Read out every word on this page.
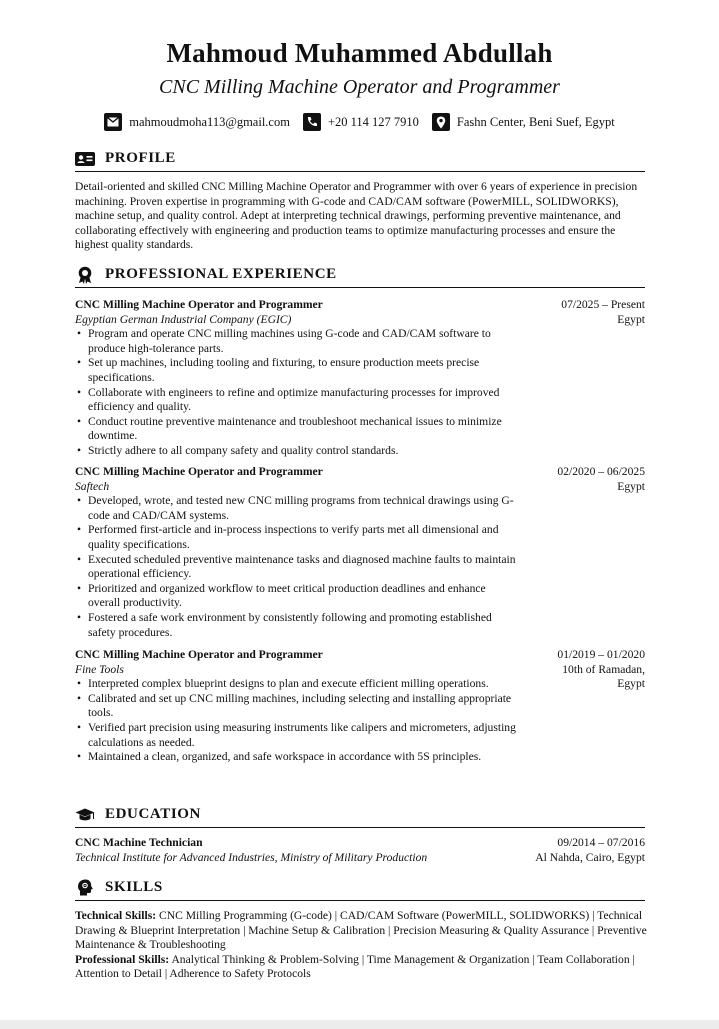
Mahmoud Muhammed Abdullah
CNC Milling Machine Operator and Programmer
mahmoudmoha113@gmail.com	+20 114 127 7910	Fashn Center, Beni Suef, Egypt
PROFILE
Detail-oriented and skilled CNC Milling Machine Operator and Programmer with over 6 years of experience in precision machining. Proven expertise in programming with G-code and CAD/CAM software (PowerMILL, SOLIDWORKS), machine setup, and quality control. Adept at interpreting technical drawings, performing preventive maintenance, and collaborating effectively with engineering and production teams to optimize manufacturing processes and ensure the highest quality standards.
PROFESSIONAL EXPERIENCE
CNC Milling Machine Operator and Programmer	07/2025 – Present
Egyptian German Industrial Company (EGIC)	Egypt
• Program and operate CNC milling machines using G-code and CAD/CAM software to produce high-tolerance parts.
• Set up machines, including tooling and fixturing, to ensure production meets precise specifications.
• Collaborate with engineers to refine and optimize manufacturing processes for improved efficiency and quality.
• Conduct routine preventive maintenance and troubleshoot mechanical issues to minimize downtime.
• Strictly adhere to all company safety and quality control standards.
CNC Milling Machine Operator and Programmer	02/2020 – 06/2025
Saftech	Egypt
• Developed, wrote, and tested new CNC milling programs from technical drawings using G-code and CAD/CAM systems.
• Performed first-article and in-process inspections to verify parts met all dimensional and quality specifications.
• Executed scheduled preventive maintenance tasks and diagnosed machine faults to maintain operational efficiency.
• Prioritized and organized workflow to meet critical production deadlines and enhance overall productivity.
• Fostered a safe work environment by consistently following and promoting established safety procedures.
CNC Milling Machine Operator and Programmer	01/2019 – 01/2020
Fine Tools	10th of Ramadan, Egypt
• Interpreted complex blueprint designs to plan and execute efficient milling operations.
• Calibrated and set up CNC milling machines, including selecting and installing appropriate tools.
• Verified part precision using measuring instruments like calipers and micrometers, adjusting calculations as needed.
• Maintained a clean, organized, and safe workspace in accordance with 5S principles.
EDUCATION
CNC Machine Technician	09/2014 – 07/2016
Technical Institute for Advanced Industries, Ministry of Military Production	Al Nahda, Cairo, Egypt
SKILLS

Technical Skills: CNC Milling Programming (G-code) | CAD/CAM Software (PowerMILL, SOLIDWORKS) | Technical Drawing & Blueprint Interpretation | Machine Setup & Calibration | Precision Measuring & Quality Assurance | Preventive Maintenance & Troubleshooting

Professional Skills: Analytical Thinking & Problem-Solving | Time Management & Organization | Team Collaboration | Attention to Detail | Adherence to Safety Protocols
